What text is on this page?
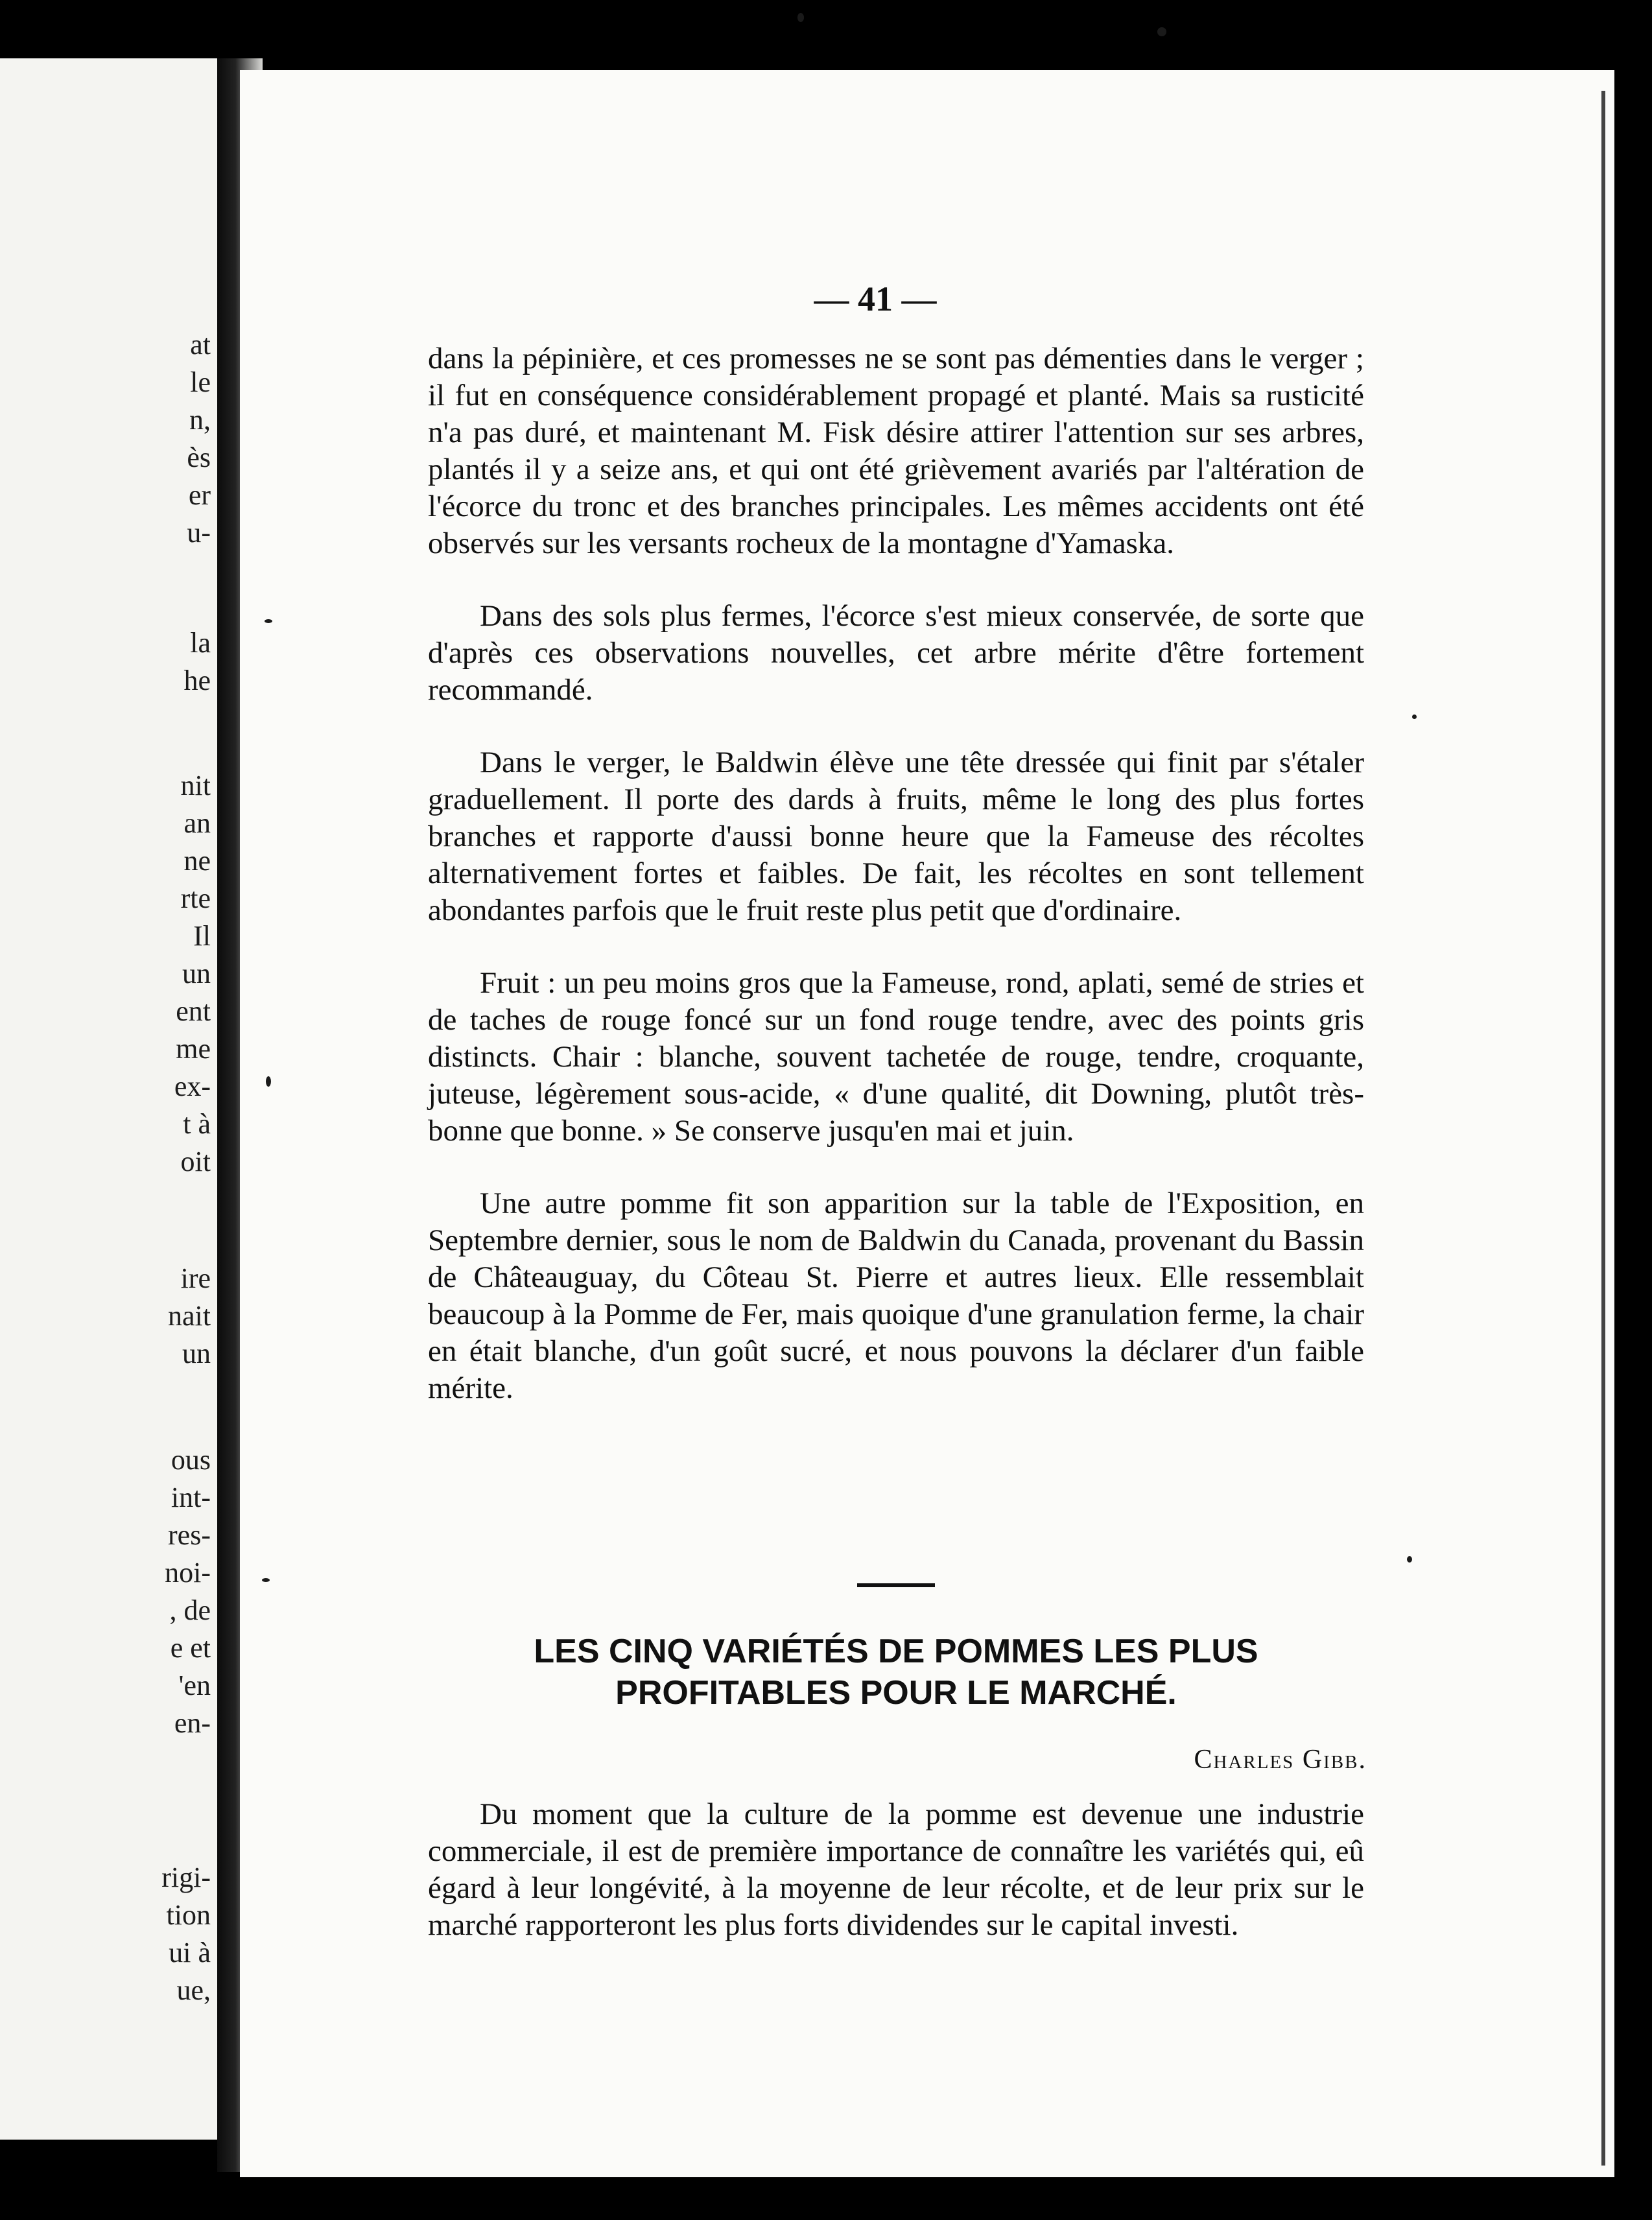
at
le
n,
ès
er
u-
la
he
nit
an
ne
rte
Il
un
ent
me
ex-
t à
oit
ire
nait
un
ous
int-
res-
noi-
, de
e et
'en
en-
rigi-
tion
ui à
ue,
— 41 —

dans la pépinière, et ces promesses ne se sont pas démenties dans le verger ; il fut en conséquence considérablement propagé et planté. Mais sa rusticité n'a pas duré, et maintenant M. Fisk désire attirer l'attention sur ses arbres, plantés il y a seize ans, et qui ont été grièvement avariés par l'altération de l'écorce du tronc et des branches principales. Les mêmes accidents ont été observés sur les versants rocheux de la montagne d'Yamaska.

Dans des sols plus fermes, l'écorce s'est mieux conservée, de sorte que d'après ces observations nouvelles, cet arbre mérite d'être fortement recommandé.

Dans le verger, le Baldwin élève une tête dressée qui finit par s'étaler graduellement. Il porte des dards à fruits, même le long des plus fortes branches et rapporte d'aussi bonne heure que la Fameuse des récoltes alternativement fortes et faibles. De fait, les récoltes en sont tellement abondantes parfois que le fruit reste plus petit que d'ordinaire.

Fruit : un peu moins gros que la Fameuse, rond, aplati, semé de stries et de taches de rouge foncé sur un fond rouge tendre, avec des points gris distincts. Chair : blanche, souvent tachetée de rouge, tendre, croquante, juteuse, légèrement sous-acide, « d'une qualité, dit Downing, plutôt très-bonne que bonne. » Se conserve jusqu'en mai et juin.

Une autre pomme fit son apparition sur la table de l'Exposition, en Septembre dernier, sous le nom de Baldwin du Canada, provenant du Bassin de Châteauguay, du Côteau St. Pierre et autres lieux. Elle ressemblait beaucoup à la Pomme de Fer, mais quoique d'une granulation ferme, la chair en était blanche, d'un goût sucré, et nous pouvons la déclarer d'un faible mérite.

LES CINQ VARIÉTÉS DE POMMES LES PLUS PROFITABLES POUR LE MARCHÉ.
Charles Gibb.

Du moment que la culture de la pomme est devenue une industrie commerciale, il est de première importance de connaître les variétés qui, eû égard à leur longévité, à la moyenne de leur récolte, et de leur prix sur le marché rapporteront les plus forts dividendes sur le capital investi.
